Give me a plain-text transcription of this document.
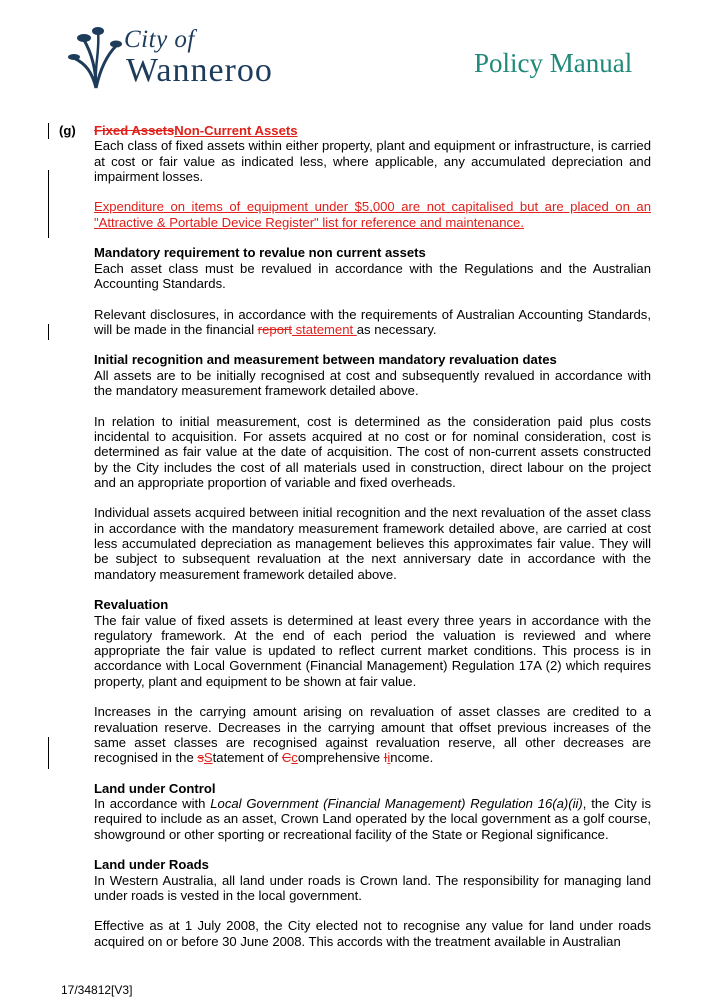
City of
Wanneroo	Policy Manual
(g) Fixed AssetsNon-Current Assets

Each class of fixed assets within either property, plant and equipment or infrastructure, is carried at cost or fair value as indicated less, where applicable, any accumulated depreciation and impairment losses.

Expenditure on items of equipment under $5,000 are not capitalised but are placed on an "Attractive & Portable Device Register" list for reference and maintenance.

Mandatory requirement to revalue non current assets

Each asset class must be revalued in accordance with the Regulations and the Australian Accounting Standards.

Relevant disclosures, in accordance with the requirements of Australian Accounting Standards, will be made in the financial report statement as necessary.

Initial recognition and measurement between mandatory revaluation dates

All assets are to be initially recognised at cost and subsequently revalued in accordance with the mandatory measurement framework detailed above.

In relation to initial measurement, cost is determined as the consideration paid plus costs incidental to acquisition. For assets acquired at no cost or for nominal consideration, cost is determined as fair value at the date of acquisition. The cost of non-current assets constructed by the City includes the cost of all materials used in construction, direct labour on the project and an appropriate proportion of variable and fixed overheads.

Individual assets acquired between initial recognition and the next revaluation of the asset class in accordance with the mandatory measurement framework detailed above, are carried at cost less accumulated depreciation as management believes this approximates fair value. They will be subject to subsequent revaluation at the next anniversary date in accordance with the mandatory measurement framework detailed above.

Revaluation

The fair value of fixed assets is determined at least every three years in accordance with the regulatory framework. At the end of each period the valuation is reviewed and where appropriate the fair value is updated to reflect current market conditions. This process is in accordance with Local Government (Financial Management) Regulation 17A (2) which requires property, plant and equipment to be shown at fair value.

Increases in the carrying amount arising on revaluation of asset classes are credited to a revaluation reserve. Decreases in the carrying amount that offset previous increases of the same asset classes are recognised against revaluation reserve, all other decreases are recognised in the sStatement of Ccomprehensive Iincome.

Land under Control

In accordance with Local Government (Financial Management) Regulation 16(a)(ii), the City is required to include as an asset, Crown Land operated by the local government as a golf course, showground or other sporting or recreational facility of the State or Regional significance.

Land under Roads

In Western Australia, all land under roads is Crown land. The responsibility for managing land under roads is vested in the local government.

Effective as at 1 July 2008, the City elected not to recognise any value for land under roads acquired on or before 30 June 2008. This accords with the treatment available in Australian

17/34812[V3]
